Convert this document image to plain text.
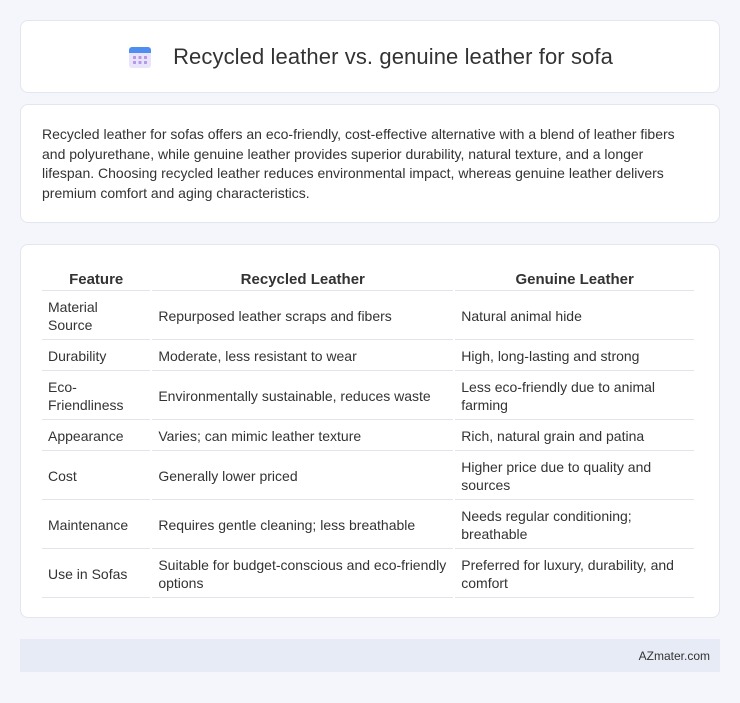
Recycled leather vs. genuine leather for sofa

Recycled leather for sofas offers an eco-friendly, cost-effective alternative with a blend of leather fibers and polyurethane, while genuine leather provides superior durability, natural texture, and a longer lifespan. Choosing recycled leather reduces environmental impact, whereas genuine leather delivers premium comfort and aging characteristics.

Feature	Recycled Leather	Genuine Leather
Material Source	Repurposed leather scraps and fibers	Natural animal hide
Durability	Moderate, less resistant to wear	High, long-lasting and strong
Eco-Friendliness	Environmentally sustainable, reduces waste	Less eco-friendly due to animal farming
Appearance	Varies; can mimic leather texture	Rich, natural grain and patina
Cost	Generally lower priced	Higher price due to quality and sources
Maintenance	Requires gentle cleaning; less breathable	Needs regular conditioning; breathable
Use in Sofas	Suitable for budget-conscious and eco-friendly options	Preferred for luxury, durability, and comfort
AZmater.com
